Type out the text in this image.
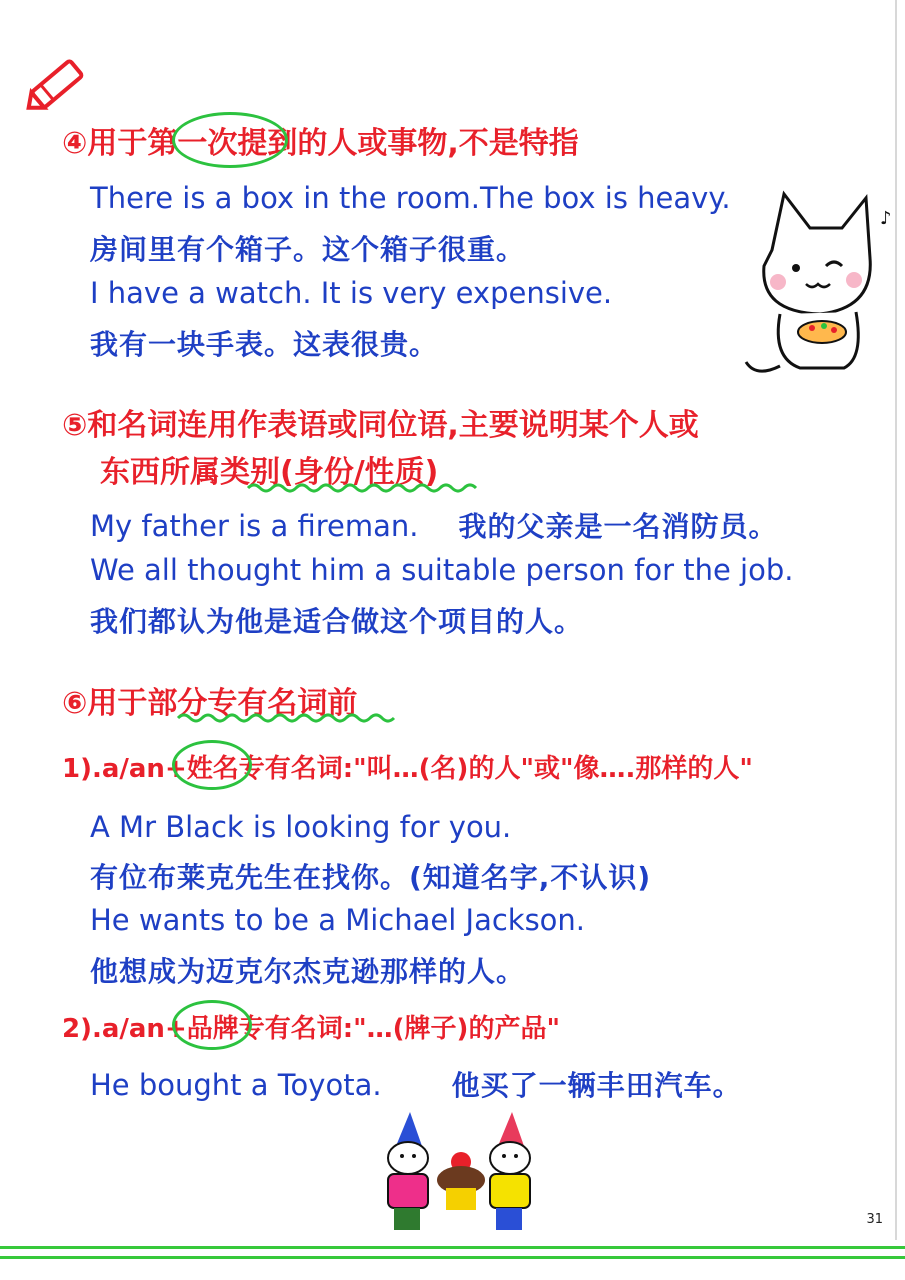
④用于第一次提到的人或事物,不是特指
There is a box in the room.The box is heavy.
房间里有个箱子。这个箱子很重。
I have a watch. It is very expensive.
我有一块手表。这表很贵。
♪
⑤和名词连用作表语或同位语,主要说明某个人或
东西所属类别(身份/性质)
My father is a fireman. 我的父亲是一名消防员。
We all thought him a suitable person for the job.
我们都认为他是适合做这个项目的人。
⑥用于部分专有名词前
1).a/an+姓名专有名词:"叫…(名)的人"或"像….那样的人"
A Mr Black is looking for you.
有位布莱克先生在找你。(知道名字,不认识)
He wants to be a Michael Jackson.
他想成为迈克尔杰克逊那样的人。
2).a/an+品牌专有名词:"…(牌子)的产品"
He bought a Toyota.	他买了一辆丰田汽车。
31
